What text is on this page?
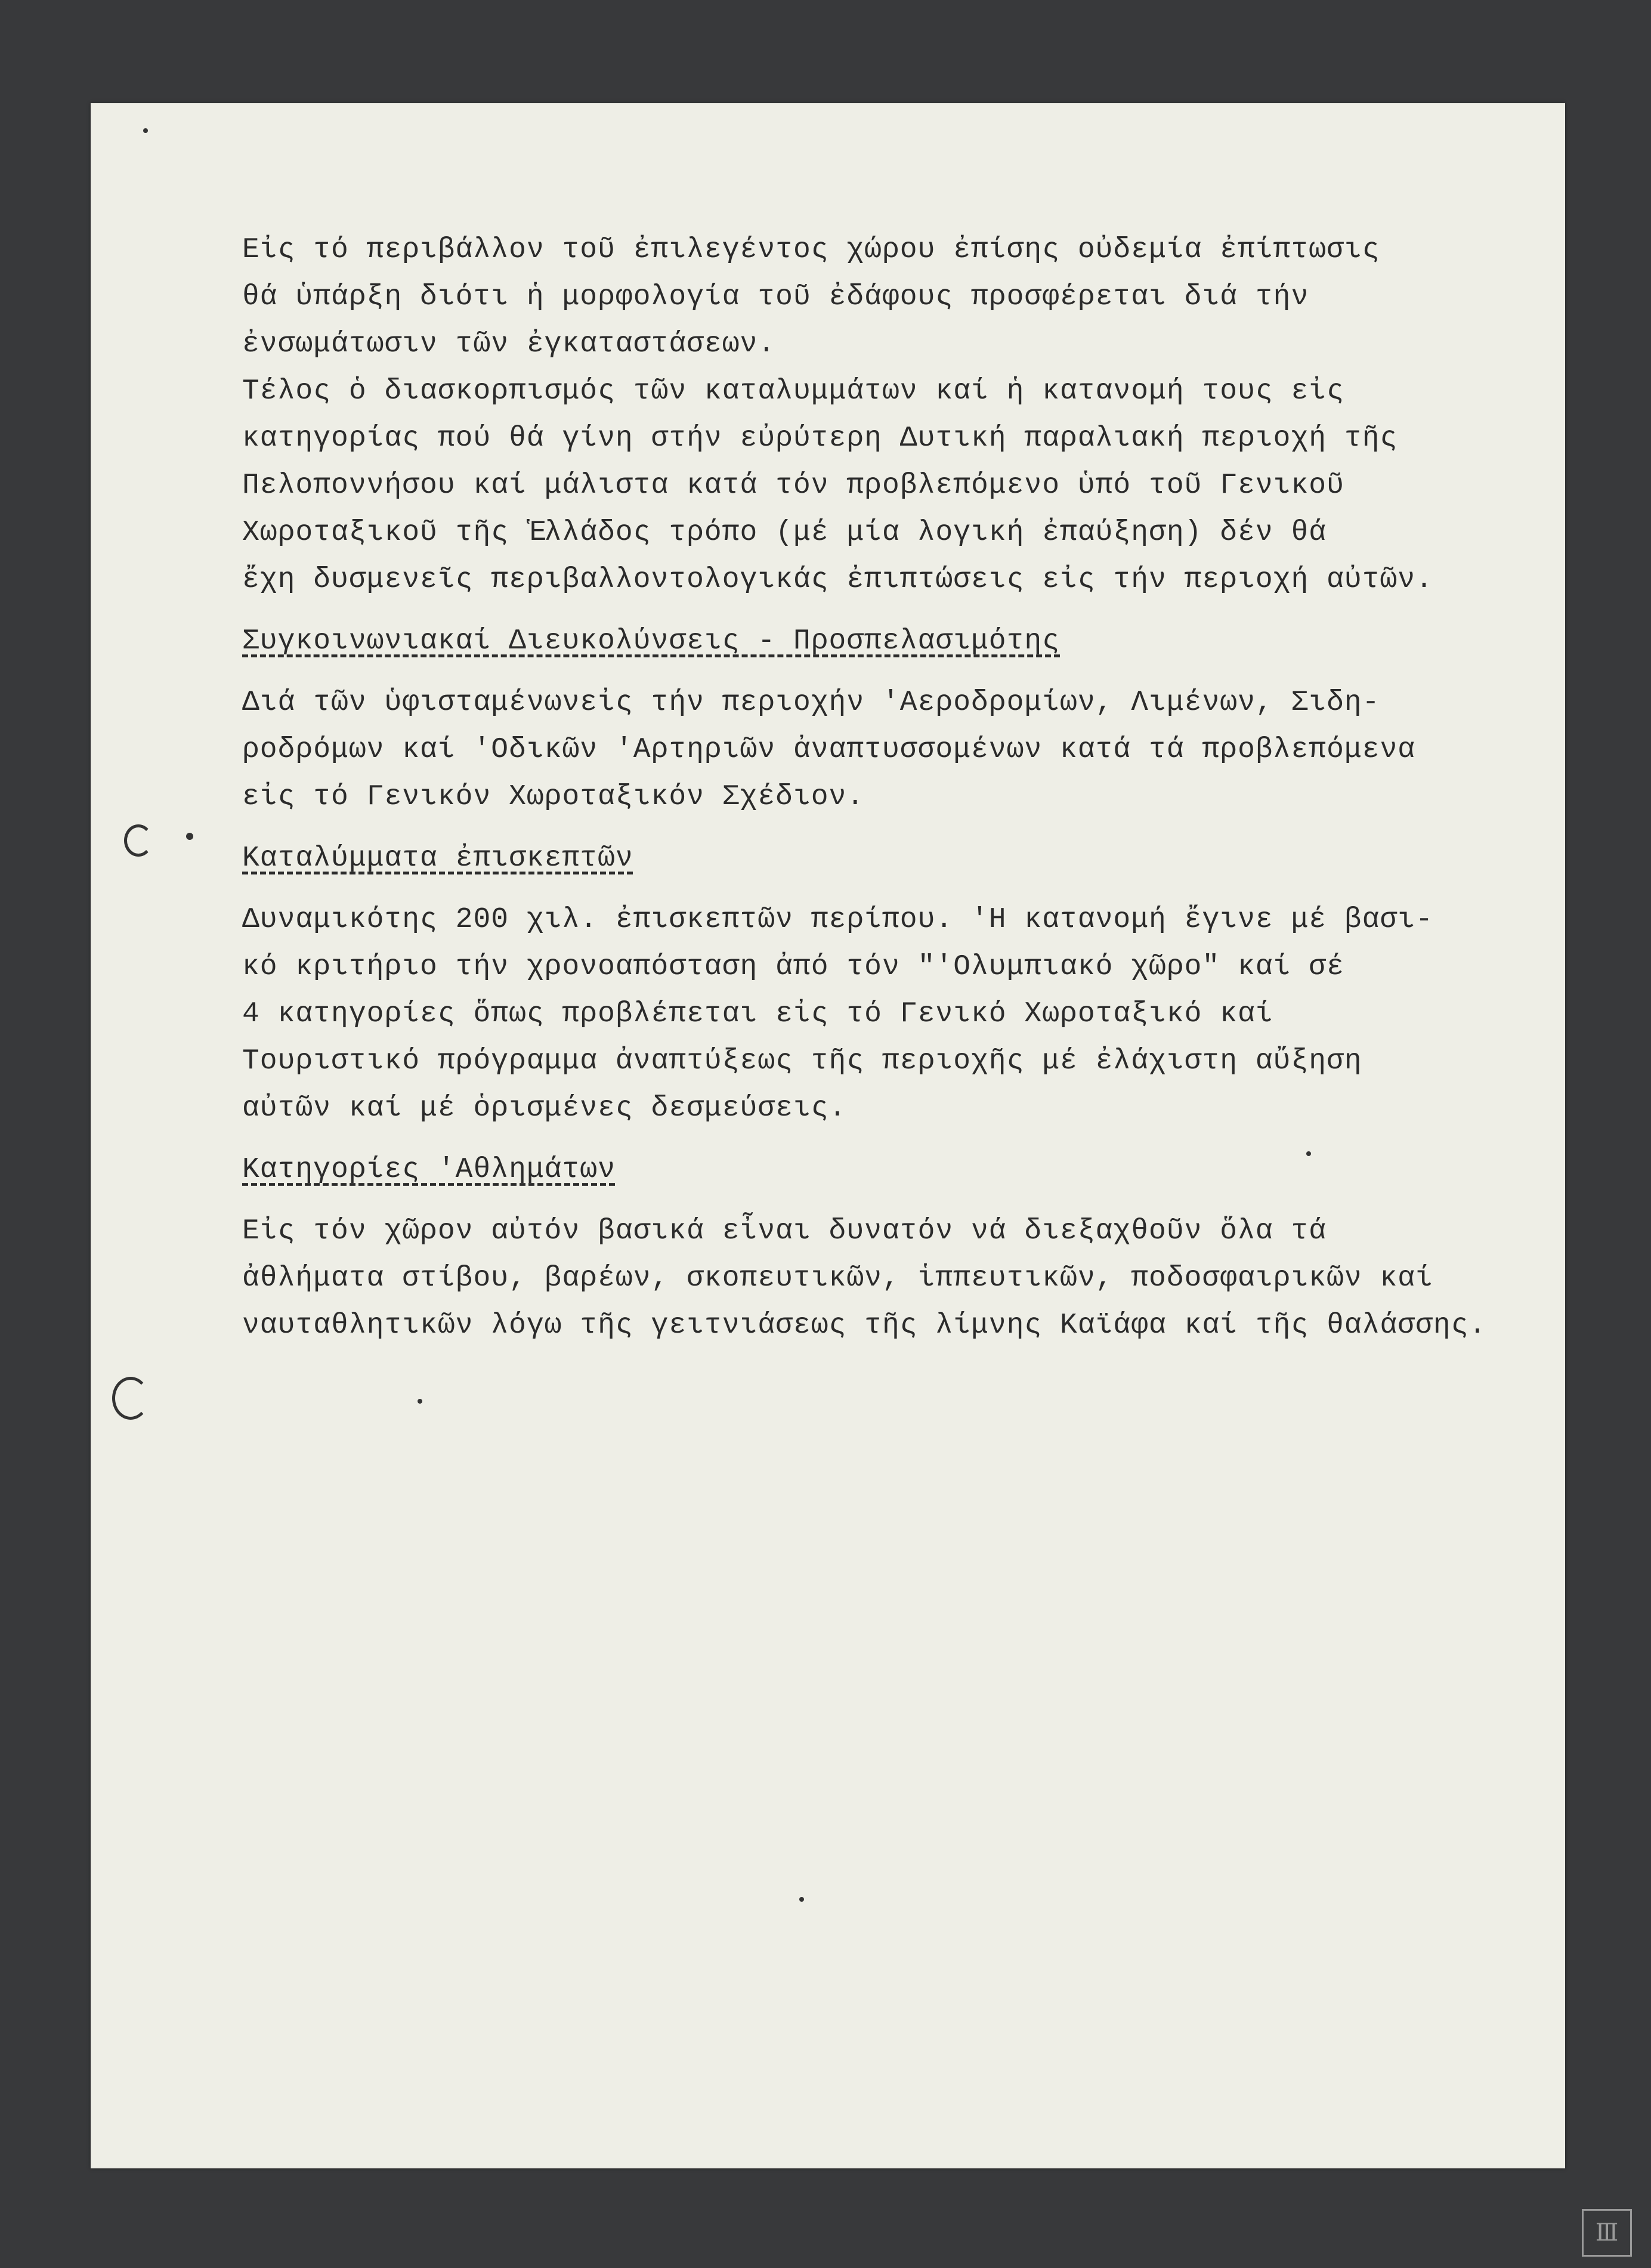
Εἰς τό περιβάλλον τοῦ ἐπιλεγέντος χώρου ἐπίσης οὐδεμία ἐπίπτωσις
θά ὑπάρξη διότι ἡ μορφολογία τοῦ ἐδάφους προσφέρεται διά τήν
ἐνσωμάτωσιν τῶν ἐγκαταστάσεων.
Τέλος ὁ διασκορπισμός τῶν καταλυμμάτων καί ἡ κατανομή τους εἰς
κατηγορίας πού θά γίνη στήν εὐρύτερη Δυτική παραλιακή περιοχή τῆς
Πελοποννήσου καί μάλιστα κατά τόν προβλεπόμενο ὑπό τοῦ Γενικοῦ
Χωροταξικοῦ τῆς Ἑλλάδος τρόπο (μέ μία λογική ἐπαύξηση) δέν θά
ἔχη δυσμενεῖς περιβαλλοντολογικάς ἐπιπτώσεις εἰς τήν περιοχή αὐτῶν.
Συγκοινωνιακαί Διευκολύνσεις - Προσπελασιμότης
Διά τῶν ὑφισταμένωνεἰς τήν περιοχήν 'Αεροδρομίων, Λιμένων, Σιδη-
ροδρόμων καί 'Οδικῶν 'Αρτηριῶν ἀναπτυσσομένων κατά τά προβλεπόμενα
εἰς τό Γενικόν Χωροταξικόν Σχέδιον.
Καταλύμματα ἐπισκεπτῶν
Δυναμικότης 200 χιλ. ἐπισκεπτῶν περίπου. 'Η κατανομή ἔγινε μέ βασι-
κό κριτήριο τήν χρονοαπόσταση ἀπό τόν "'Ολυμπιακό χῶρο" καί σέ
4 κατηγορίες ὅπως προβλέπεται εἰς τό Γενικό Χωροταξικό καί
Τουριστικό πρόγραμμα ἀναπτύξεως τῆς περιοχῆς μέ ἐλάχιστη αὔξηση
αὐτῶν καί μέ ὁρισμένες δεσμεύσεις.
Κατηγορίες 'Αθλημάτων
Εἰς τόν χῶρον αὐτόν βασικά εἶναι δυνατόν νά διεξαχθοῦν ὅλα τά
ἀθλήματα στίβου, βαρέων, σκοπευτικῶν, ἱππευτικῶν, ποδοσφαιρικῶν καί
ναυταθλητικῶν λόγω τῆς γειτνιάσεως τῆς λίμνης Καϊάφα καί τῆς θαλάσσης.
Ⅲ
